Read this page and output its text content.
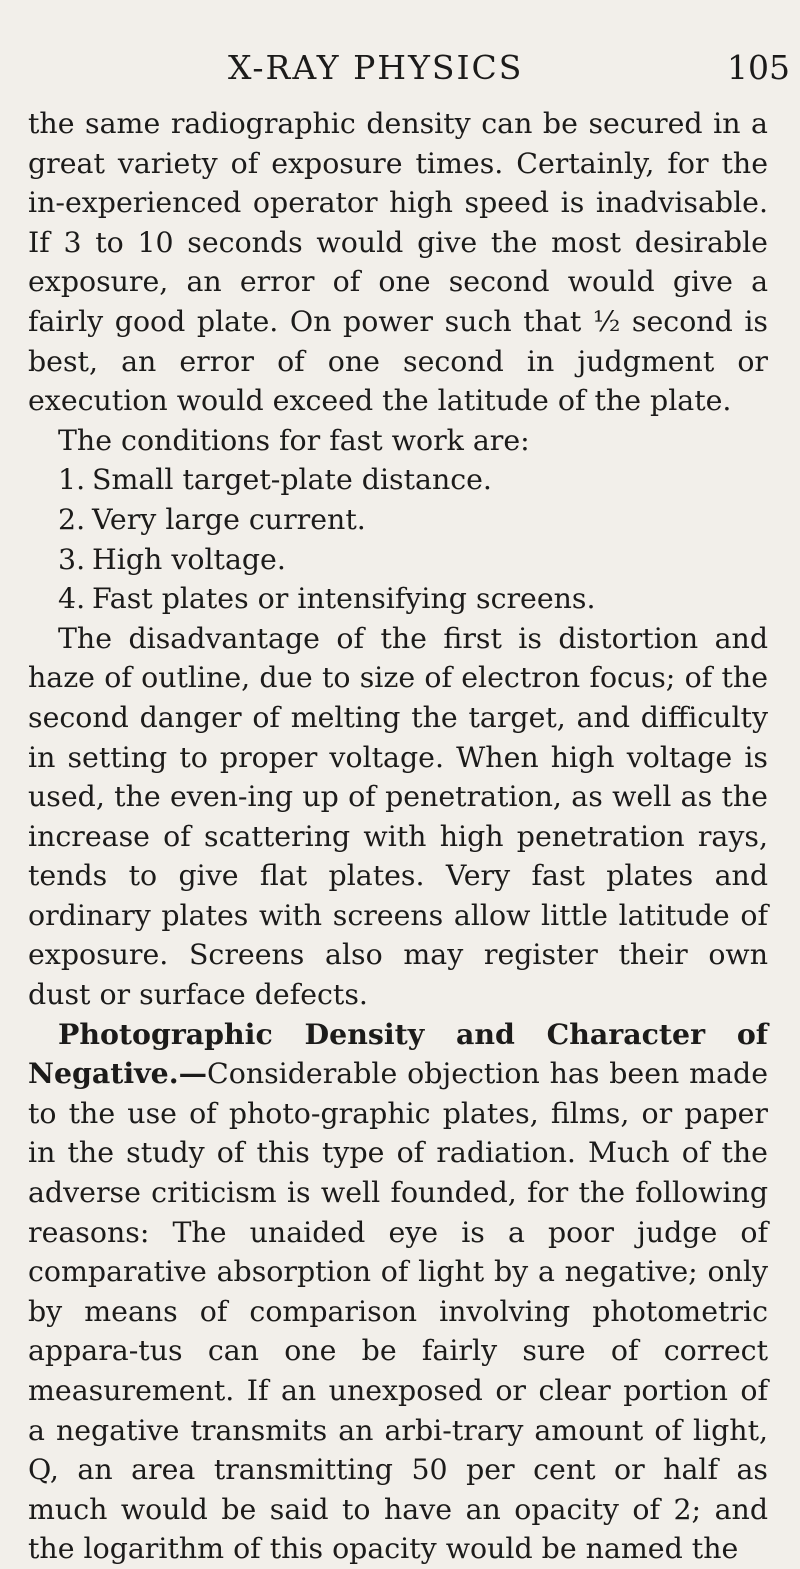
X-RAY PHYSICS	105

the same radiographic density can be secured in a great variety of exposure times. Certainly, for the in-experienced operator high speed is inadvisable. If 3 to 10 seconds would give the most desirable exposure, an error of one second would give a fairly good plate. On power such that ½ second is best, an error of one second in judgment or execution would exceed the latitude of the plate.

The conditions for fast work are:

1. Small target-plate distance.
2. Very large current.
3. High voltage.
4. Fast plates or intensifying screens.

The disadvantage of the first is distortion and haze of outline, due to size of electron focus; of the second danger of melting the target, and difficulty in setting to proper voltage. When high voltage is used, the even-ing up of penetration, as well as the increase of scattering with high penetration rays, tends to give flat plates. Very fast plates and ordinary plates with screens allow little latitude of exposure. Screens also may register their own dust or surface defects.

Photographic Density and Character of Negative.—Considerable objection has been made to the use of photo-graphic plates, films, or paper in the study of this type of radiation. Much of the adverse criticism is well founded, for the following reasons: The unaided eye is a poor judge of comparative absorption of light by a negative; only by means of comparison involving photometric appara-tus can one be fairly sure of correct measurement. If an unexposed or clear portion of a negative transmits an arbi-trary amount of light, Q, an area transmitting 50 per cent or half as much would be said to have an opacity of 2; and the logarithm of this opacity would be named the
